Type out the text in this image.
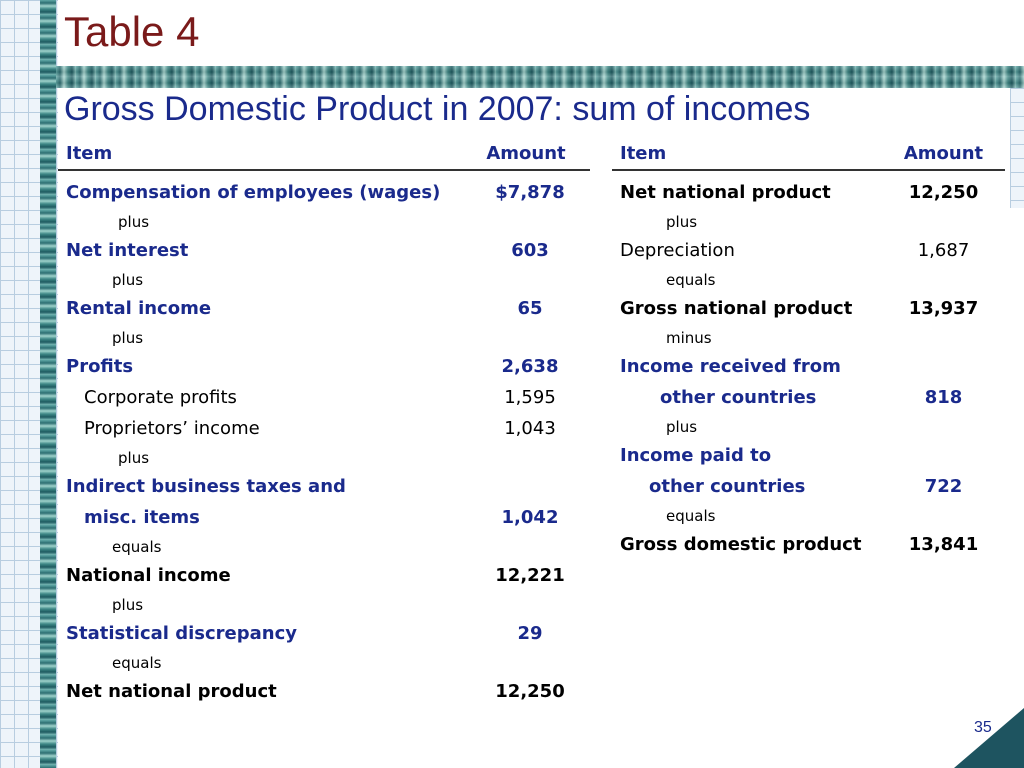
Table 4
Gross Domestic Product in 2007: sum of incomes
Item	Amount
Compensation of employees (wages)	$7,878
plus	
Net interest	603
plus	
Rental income	65
plus	
Profits	2,638
Corporate profits	1,595
Proprietors’ income	1,043
plus	
Indirect business taxes and	
misc. items	1,042
equals	
National income	12,221
plus	
Statistical discrepancy	29
equals	
Net national product	12,250
Item	Amount
Net national product	12,250
plus	
Depreciation	1,687
equals	
Gross national product	13,937
minus	
Income received from	
other countries	818
plus	
Income paid to	
other countries	722
equals	
Gross domestic product	13,841
35
